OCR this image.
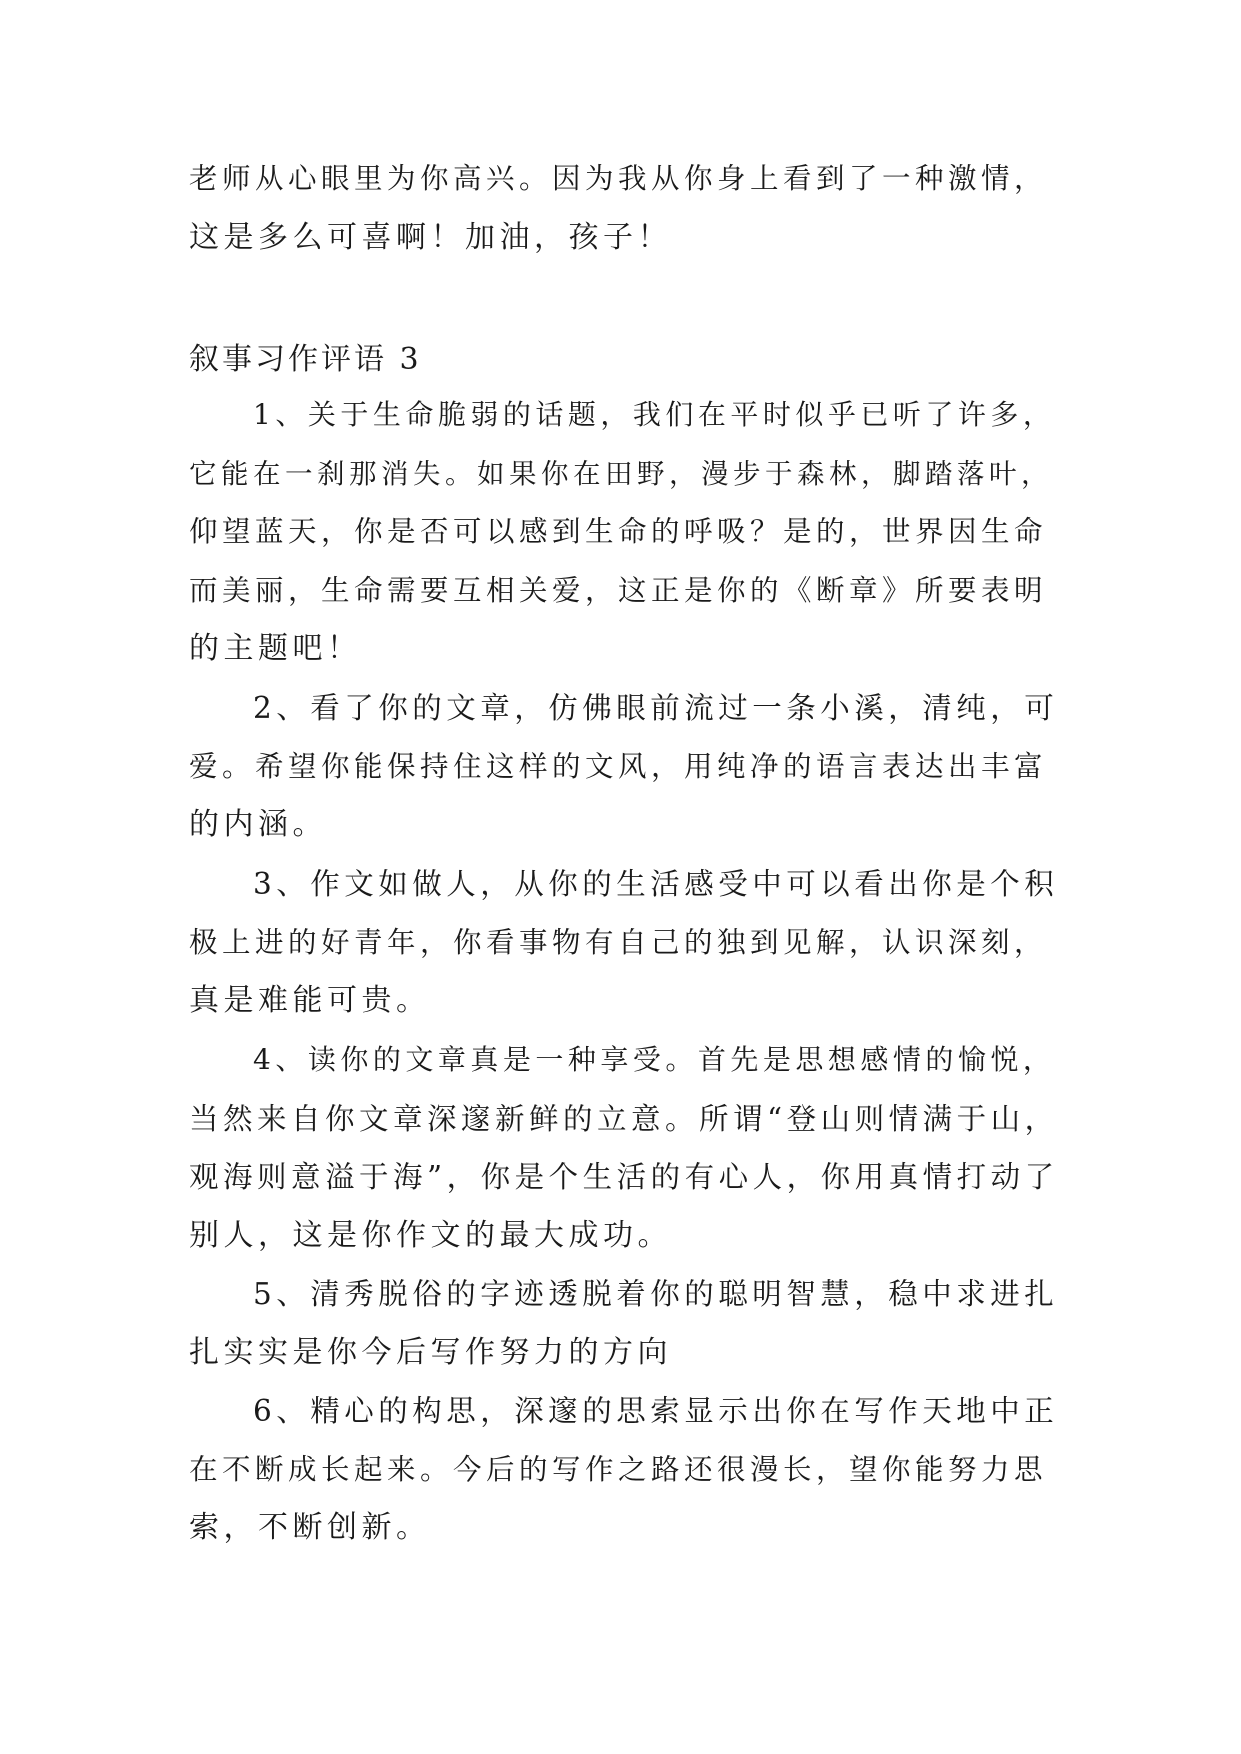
老师从心眼里为你高兴。因为我从你身上看到了一种激情，
这是多么可喜啊！加油，孩子！
叙事习作评语 3
1、关于生命脆弱的话题，我们在平时似乎已听了许多，
它能在一刹那消失。如果你在田野，漫步于森林，脚踏落叶，
仰望蓝天，你是否可以感到生命的呼吸？是的，世界因生命
而美丽，生命需要互相关爱，这正是你的《断章》所要表明
的主题吧！
2、看了你的文章，仿佛眼前流过一条小溪，清纯，可
爱。希望你能保持住这样的文风，用纯净的语言表达出丰富
的内涵。
3、作文如做人，从你的生活感受中可以看出你是个积
极上进的好青年，你看事物有自己的独到见解，认识深刻，
真是难能可贵。
4、读你的文章真是一种享受。首先是思想感情的愉悦，
当然来自你文章深邃新鲜的立意。所谓“登山则情满于山，
观海则意溢于海”，你是个生活的有心人，你用真情打动了
别人，这是你作文的最大成功。
5、清秀脱俗的字迹透脱着你的聪明智慧，稳中求进扎
扎实实是你今后写作努力的方向
6、精心的构思，深邃的思索显示出你在写作天地中正
在不断成长起来。今后的写作之路还很漫长，望你能努力思
索，不断创新。
